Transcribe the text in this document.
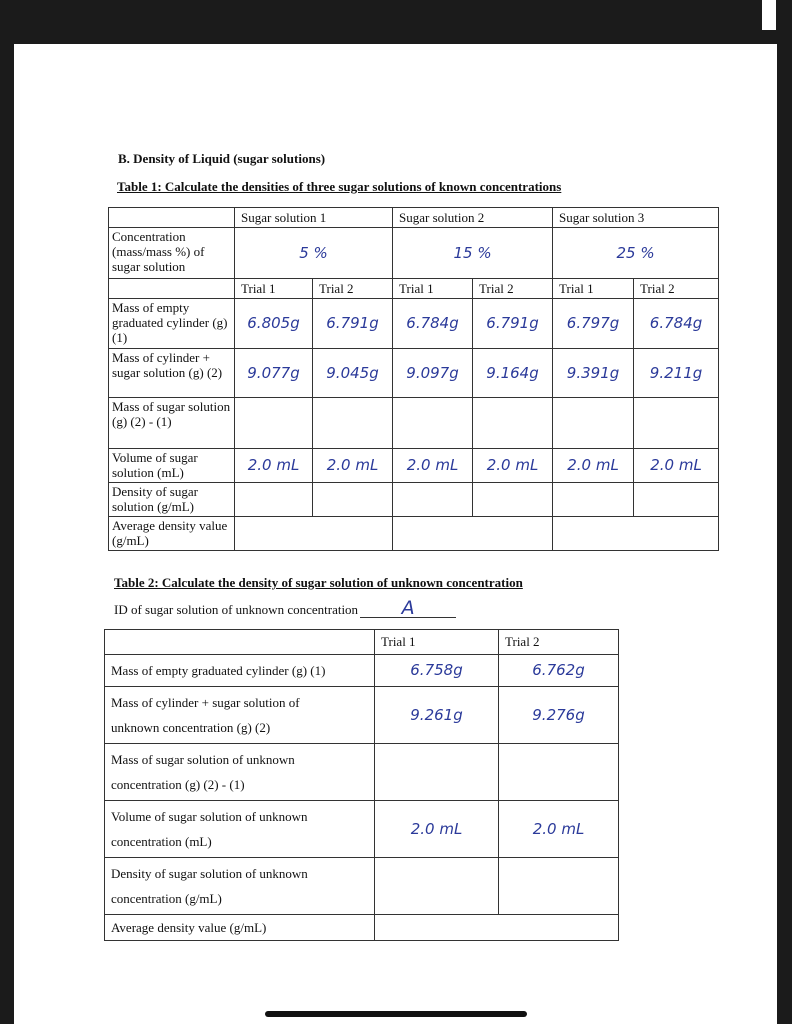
B. Density of Liquid (sugar solutions)
Table 1: Calculate the densities of three sugar solutions of known concentrations
	Sugar solution 1		Sugar solution 2		Sugar solution 3	
Concentration (mass/mass %) of sugar solution	5 %		15 %		25 %	
	Trial 1	Trial 2	Trial 1	Trial 2	Trial 1	Trial 2
Mass of empty graduated cylinder (g) (1)	6.805g	6.791g	6.784g	6.791g	6.797g	6.784g
Mass of cylinder + sugar solution (g) (2)	9.077g	9.045g	9.097g	9.164g	9.391g	9.211g
Mass of sugar solution (g) (2) - (1)						
Volume of sugar solution (mL)	2.0 mL	2.0 mL	2.0 mL	2.0 mL	2.0 mL	2.0 mL
Density of sugar solution (g/mL)						
Average density value (g/mL)						
Table 2: Calculate the density of sugar solution of unknown concentration
ID of sugar solution of unknown concentration A
	Trial 1	Trial 2
Mass of empty graduated cylinder (g) (1)	6.758g	6.762g
Mass of cylinder + sugar solution of
unknown concentration (g) (2)	9.261g	9.276g
Mass of sugar solution of unknown
concentration (g) (2) - (1)		
Volume of sugar solution of unknown
concentration (mL)	2.0 mL	2.0 mL
Density of sugar solution of unknown
concentration (g/mL)		
Average density value (g/mL)		
